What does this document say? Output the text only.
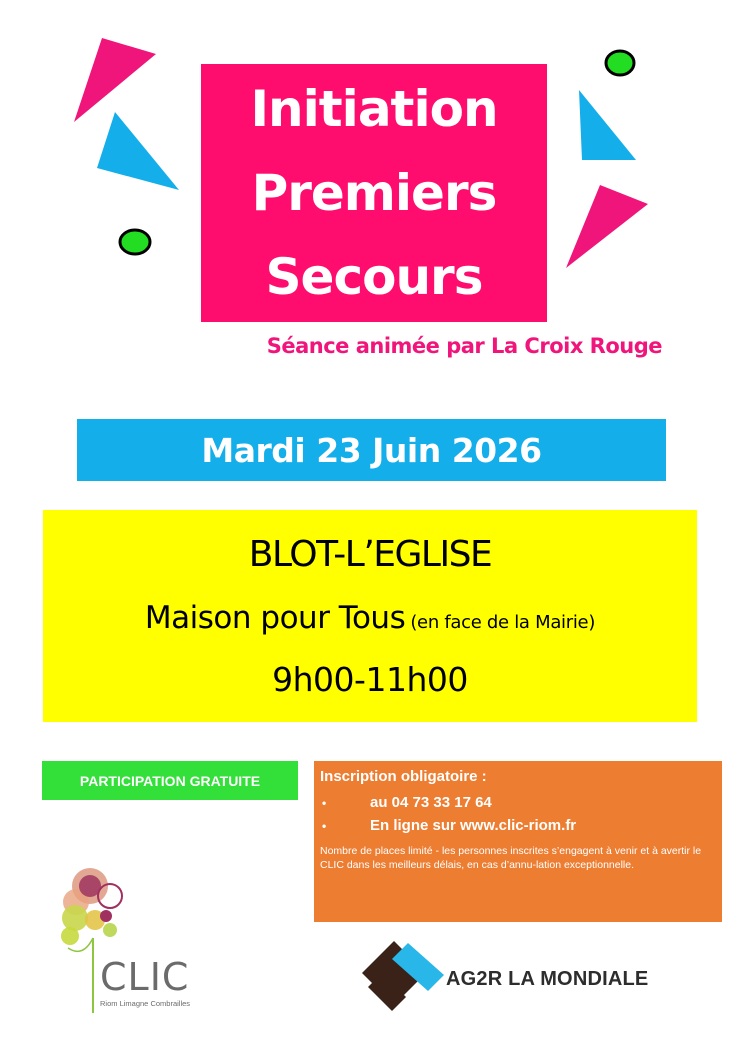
Initiation
Premiers
Secours
Séance animée par La Croix Rouge
Mardi 23 Juin 2026
BLOT-L’EGLISE
Maison pour Tous (en face de la Mairie)
9h00-11h00
PARTICIPATION GRATUITE	Inscription obligatoire :
•	au 04 73 33 17 64
•	En ligne sur www.clic-riom.fr
Nombre de places limité - les personnes inscrites s’engagent à venir et à avertir le CLIC dans les meilleurs délais, en cas d’annu-lation exceptionnelle.
CLIC
Riom Limagne Combrailles
AG2R LA MONDIALE
